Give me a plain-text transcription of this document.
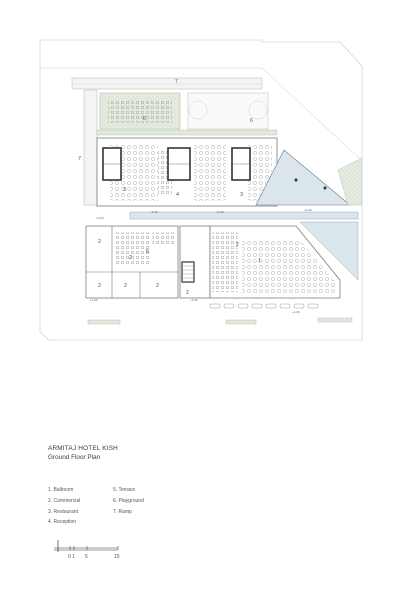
7
7
6	6
3
4	3
+1.00	+1.00	+1.00
+0.00
2
2	2	2
2
5
2
1
2
+1.00	+1.00
+1.00

ARMITAJ HOTEL KISH

Ground Floor Plan

1. Ballroom
2. Commercial
3. Restaurant
4. Reception
5. Terrace
6. Playground
7. Ramp
0 1 5	15
